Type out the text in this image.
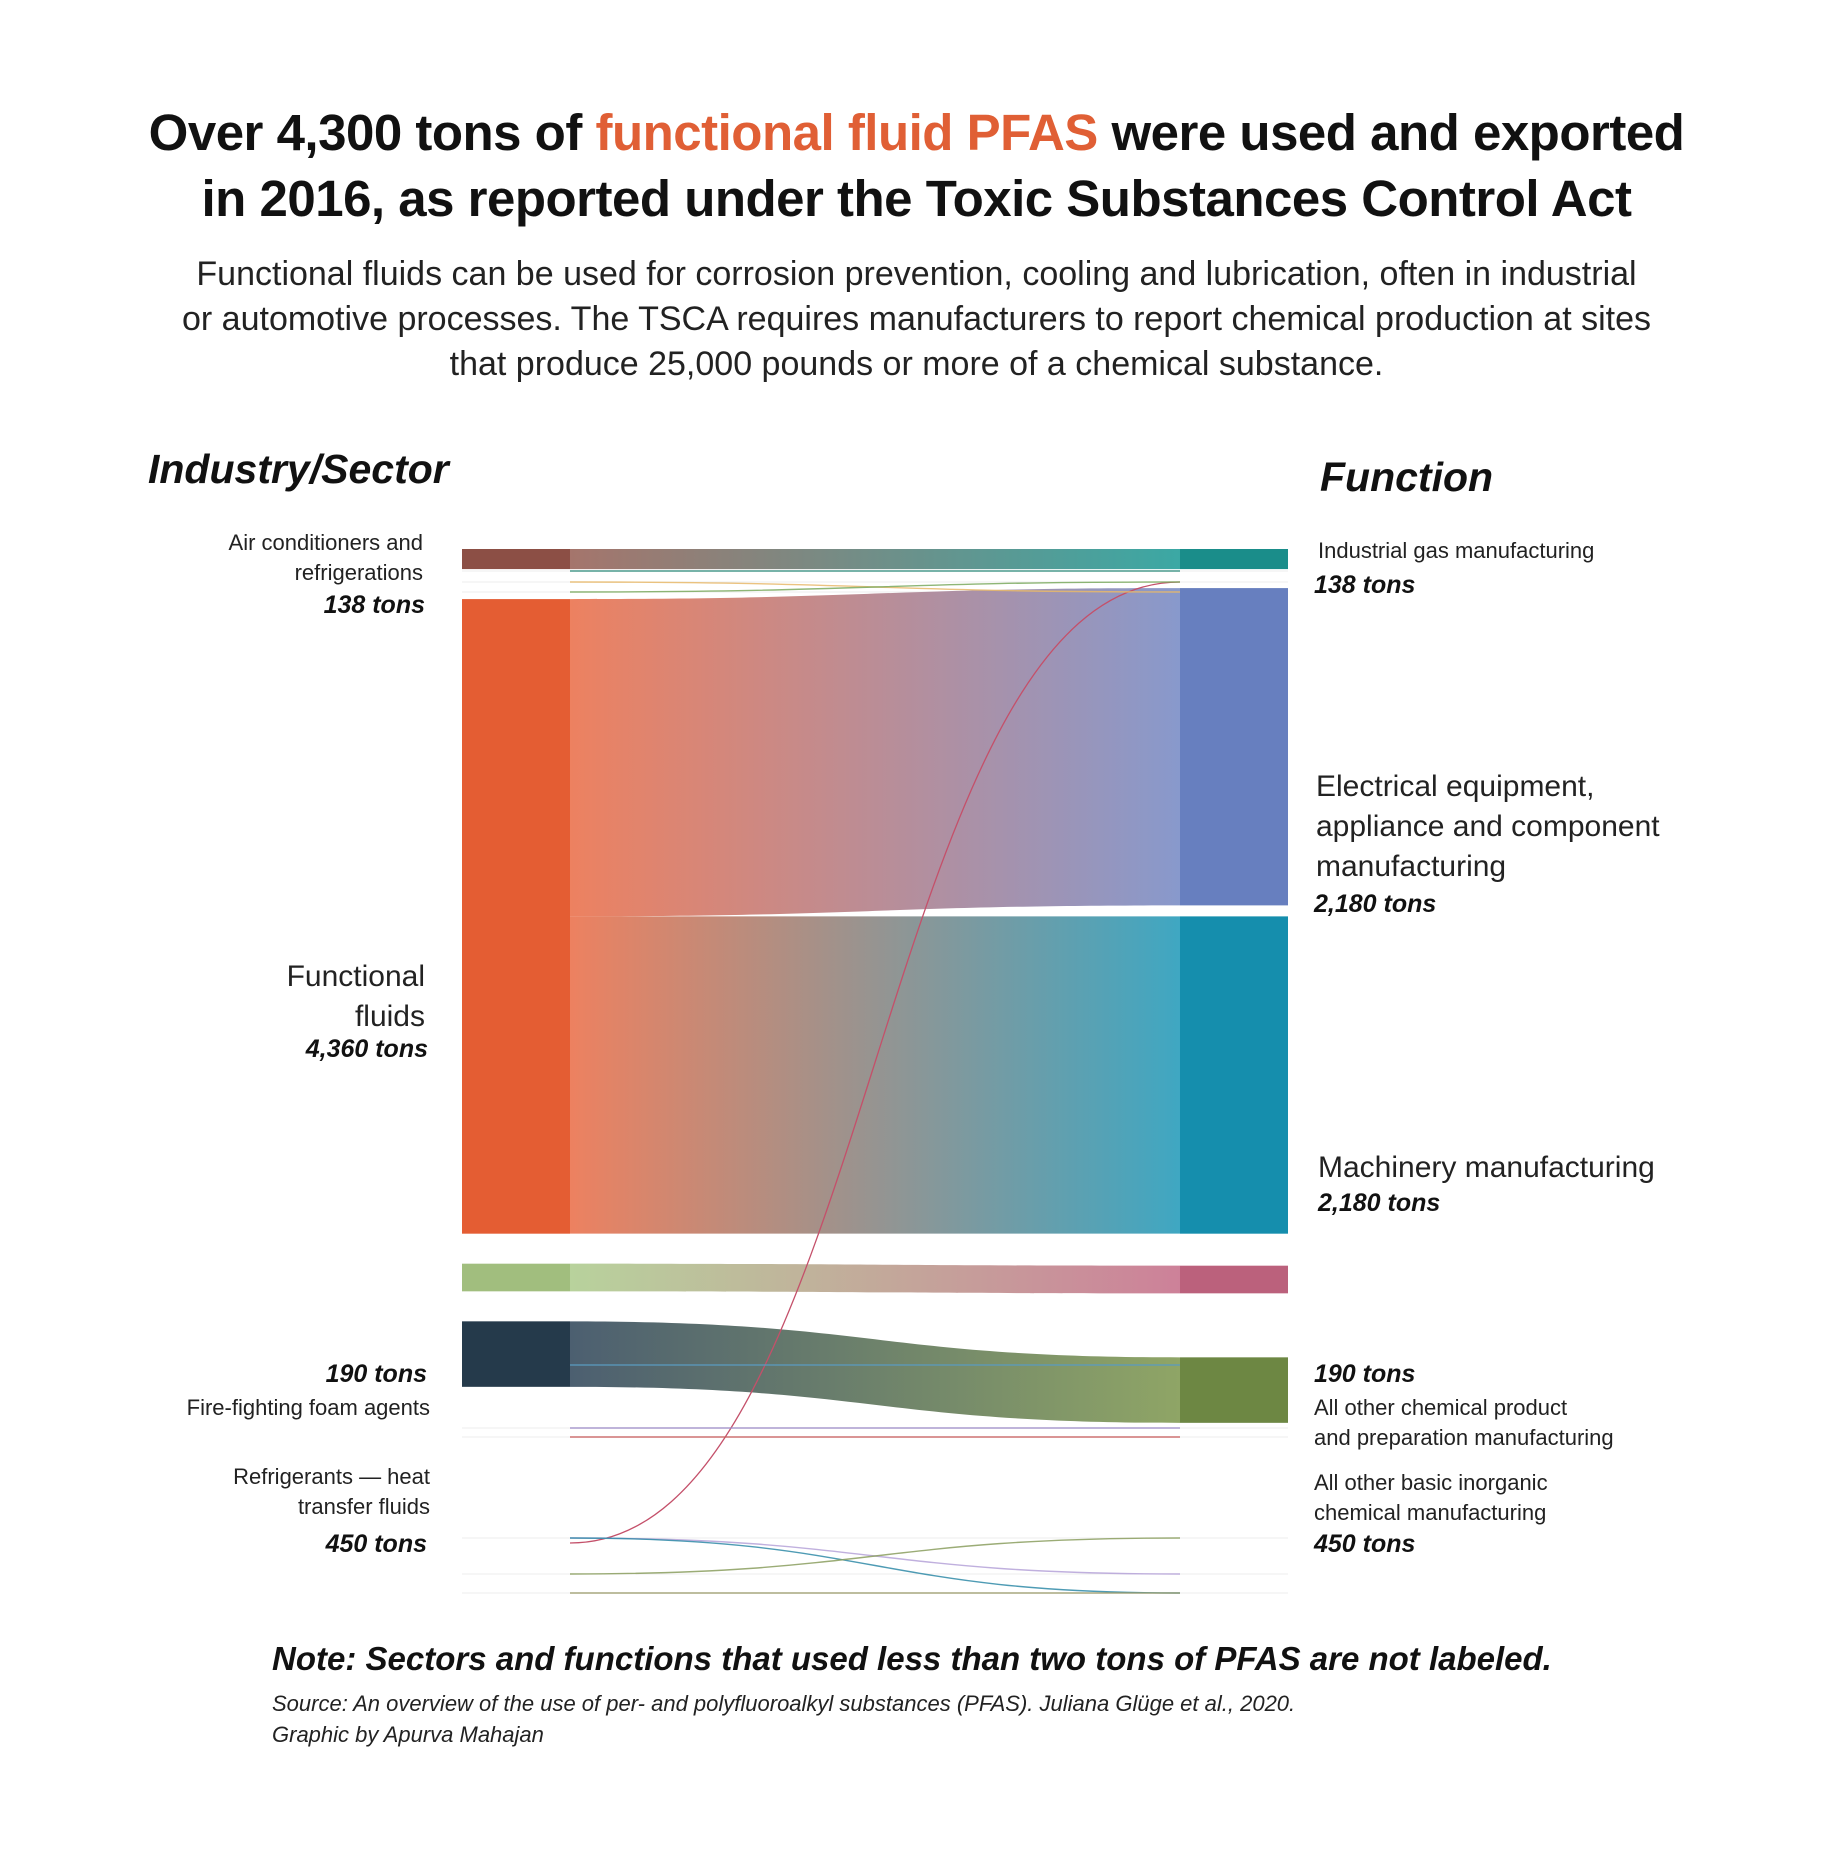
Over 4,300 tons of functional fluid PFAS were used and exported
in 2016, as reported under the Toxic Substances Control Act
Functional fluids can be used for corrosion prevention, cooling and lubrication, often in industrial
or automotive processes. The TSCA requires manufacturers to report chemical production at sites
that produce 25,000 pounds or more of a chemical substance.
Industry/Sector	Function
Air conditioners and
refrigerations
138 tons
Functional
fluids
4,360 tons
190 tons
Fire-fighting foam agents
Refrigerants — heat
transfer fluids
450 tons
Industrial gas manufacturing
138 tons
Electrical equipment,
appliance and component
manufacturing
2,180 tons
Machinery manufacturing
2,180 tons
190 tons
All other chemical product
and preparation manufacturing
All other basic inorganic
chemical manufacturing
450 tons
Note: Sectors and functions that used less than two tons of PFAS are not labeled.
Source: An overview of the use of per- and polyfluoroalkyl substances (PFAS). Juliana Glüge et al., 2020.
Graphic by Apurva Mahajan
